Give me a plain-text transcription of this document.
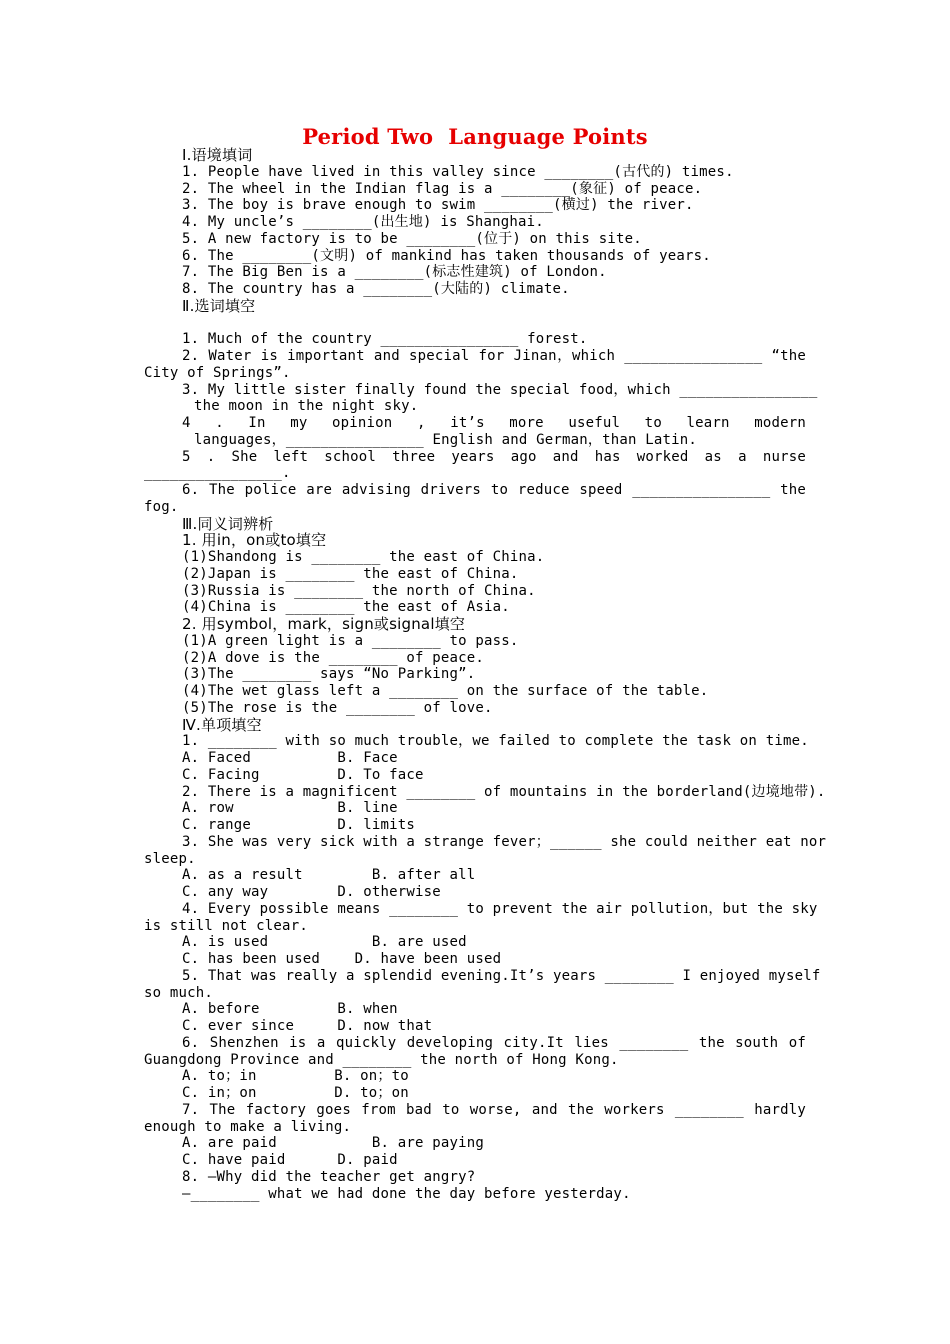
Period Two  Language Points
Ⅰ.语境填词
1. People have lived in this valley since ________(古代的) times.
2. The wheel in the Indian flag is a ________(象征) of peace.
3. The boy is brave enough to swim ________(横过) the river.
4. My uncle’s ________(出生地) is Shanghai.
5. A new factory is to be ________(位于) on this site.
6. The ________(文明) of mankind has taken thousands of years.
7. The Big Ben is a ________(标志性建筑) of London.
8. The country has a ________(大陆的) climate.
Ⅱ.选词填空
1. Much of the country ________________ forest.
2. Water is important and special for Jinan，which ________________ “the
City of Springs”.
3. My little sister finally found the special food，which ________________
the moon in the night sky.
4 . In my opinion , it’s more useful to learn modern
languages，________________ English and German，than Latin.
5 . She left school three years ago and has worked as a nurse
________________.
6. The police are advising drivers to reduce speed ________________ the
fog.
Ⅲ.同义词辨析
1. 用in，on或to填空
(1)Shandong is ________ the east of China.
(2)Japan is ________ the east of China.
(3)Russia is ________ the north of China.
(4)China is ________ the east of Asia.
2. 用symbol，mark，sign或signal填空
(1)A green light is a ________ to pass.
(2)A dove is the ________ of peace.
(3)The ________ says “No Parking”.
(4)The wet glass left a ________ on the surface of the table.
(5)The rose is the ________ of love.
Ⅳ.单项填空
1. ________ with so much trouble，we failed to complete the task on time.
A. Faced          B. Face
C. Facing         D. To face
2. There is a magnificent ________ of mountains in the borderland(边境地带).
A. row            B. line
C. range          D. limits
3. She was very sick with a strange fever；______ she could neither eat nor
sleep.
A. as a result        B. after all
C. any way        D. otherwise
4. Every possible means ________ to prevent the air pollution，but the sky
is still not clear.
A. is used            B. are used
C. has been used    D. have been used
5. That was really a splendid evening.It’s years ________ I enjoyed myself
so much.
A. before         B. when
C. ever since     D. now that
6. Shenzhen is a quickly developing city.It lies ________ the south of
Guangdong Province and ________ the north of Hong Kong.
A. to；in         B. on；to
C. in；on         D. to；on
7. The factory goes from bad to worse, and the workers ________ hardly
enough to make a living.
A. are paid           B. are paying
C. have paid      D. paid
8. —Why did the teacher get angry?
—________ what we had done the day before yesterday.
